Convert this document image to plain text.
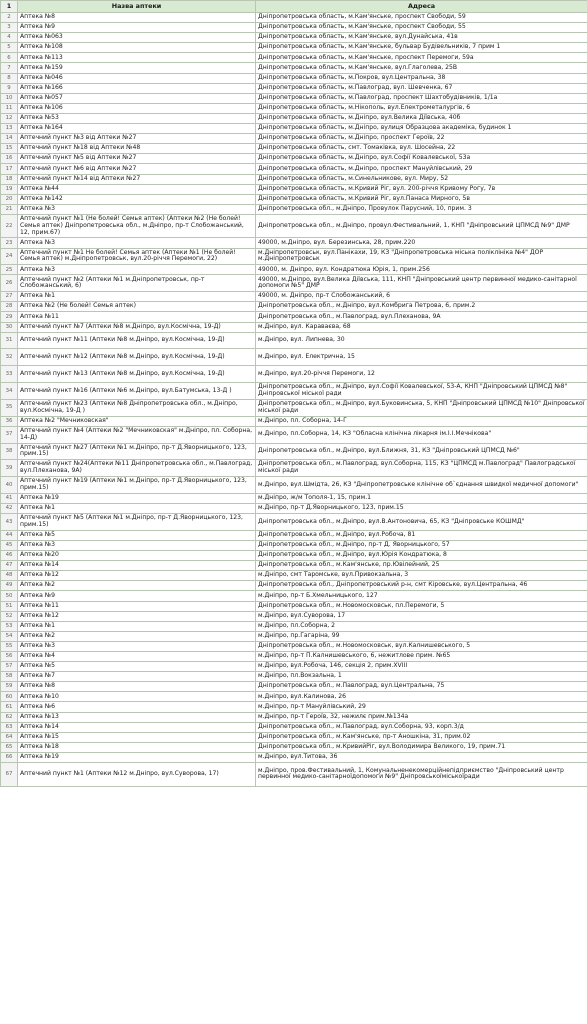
1	Назва аптеки	Адреса
2	Аптека №8	Дніпропетровська область, м.Кам'янське, проспект Свободи, 59
3	Аптека №9	Дніпропетровська область, м.Кам'янське, проспект Свободи, 55
4	Аптека №063	Дніпропетровська область, м.Кам'янське, вул.Дунайська, 41в
5	Аптека №108	Дніпропетровська область, м.Кам'янське, бульвар Будівельників, 7 прим 1
6	Аптека №113	Дніпропетровська область, м.Кам'янське, проспект Перемоги, 59а
7	Аптека №159	Дніпропетровська область, м.Кам'янське, вул.Глаголева, 25В
8	Аптека №046	Дніпропетровська область, м.Покров, вул.Центральна, 38
9	Аптека №166	Дніпропетровська область, м.Павлоград, вул. Шевченка, 67
10	Аптека №057	Дніпропетровська область, м.Павлоград, проспект Шахтобудівників, 1/1а
11	Аптека №106	Дніпропетровська область, м.Нікополь, вул.Електрометалургів, 6
12	Аптека №53	Дніпропетровська область, м.Дніпро, вул.Велика Діївська, 40б
13	Аптека №164	Дніпропетровська область, м.Дніпро, вулиця Образцова академіка, будинок 1
14	Аптечний пункт №3 від Аптеки №27	Дніпропетровська область, м.Дніпро, проспект Героїв, 22
15	Аптечний пункт №18 від Аптеки №48	Дніпропетровська область, смт. Томаківка, вул. Шосейна, 22
16	Аптечний пункт №5 від Аптеки №27	Дніпропетровська область, м.Дніпро, вул.Софії Ковалевської, 53а
17	Аптечний пункт №6 від Аптеки №27	Дніпропетровська область, м.Дніпро, проспект Мануйлівський, 29
18	Аптечний пункт №14 від Аптеки №27	Дніпропетровська область, м.Синельникове, вул. Миру, 52
19	Аптека №44	Дніпропетровська область, м.Кривий Ріг, вул. 200-річчя Кривому Рогу, 7в
20	Аптека №142	Дніпропетровська область, м.Кривий Ріг, вул.Панаса Мирного, 5в
21	Аптека №3	Дніпропетровська обл., м.Дніпро, Провулок Парусний, 10, прим. 3
22	Аптечний пункт №1 (Не болей! Семья аптек) (Аптеки №2 (Не болей! Семья аптек) Дніпропетровська обл., м.Дніпро, пр-т Слобожанський, 12, прим.67)	Дніпропетровська обл., м.Дніпро, провул.Фестивальний, 1, КНП "Дніпровський ЦПМСД №9" ДМР
23	Аптека №3	49000, м.Дніпро, вул. Березинська, 28, прим.220
24	Аптечний пункт №1 Не болей! Семья аптек (Аптеки №1 (Не болей! Семья аптек) м.Дніпропетровськ, вул.20-річчя Перемоги, 22)	м.Дніпропетровськ, вул.Панікахи, 19, КЗ "Дніпропетровська міська поліклініка №4" ДОР м.Дніпропетровськ
25	Аптека №3	49000, м. Дніпро, вул. Кондратюка Юрія, 1, прим.256
26	Аптечний пункт №2 (Аптеки №1 м.Дніпропетровськ, пр-т Слобожанський, 6)	49000, м.Дніпро, вул.Велика Діївська, 111, КНП "Дніпровський центр первинної медико-санітарної допомоги №5" ДМР
27	Аптека №1	49000, м. Дніпро, пр-т Слобожанський, 6
28	Аптека №2 (Не болей! Семья аптек)	Дніпропетровська обл., м.Дніпро, вул.Комбрига Петрова, 6, прим.2
29	Аптека №11	Дніпропетровська обл., м.Павлоград, вул.Плеханова, 9А
30	Аптечний пункт №7 (Аптеки №8 м.Дніпро, вул.Космічна, 19-Д)	м.Дніпро, вул. Караваєва, 68
31	Аптечний пункт №11 (Аптеки №8 м.Дніпро, вул.Космічна, 19-Д)	м.Дніпро, вул. Липнева, 30
32	Аптечний пункт №12 (Аптеки №8 м.Дніпро, вул.Космічна, 19-Д)	м.Дніпро, вул. Електрична, 15
33	Аптечний пункт №13 (Аптеки №8 м.Дніпро, вул.Космічна, 19-Д)	м.Дніпро, вул.20-річчя Перемоги, 12
34	Аптечний пункт №16 (Аптеки №6 м.Дніпро, вул.Батумська, 13-Д )	Дніпропетровська обл., м.Дніпро, вул.Софії Ковалевської, 53-А, КНП "Дніпровський ЦПМСД №8" Дніпровської міської ради
35	Аптечний пункт №23 (Аптеки №8 Дніпропетровська обл., м.Дніпро, вул.Космічна, 19-Д )	Дніпропетровська обл., м.Дніпро, вул.Буковинська, 5, КНП "Дніпровський ЦПМСД №10" Дніпровської міської ради
36	Аптека №2 "Мечниковская"	м.Дніпро, пл. Соборна, 14-Г
37	Аптечний пункт №4 (Аптеки №2 "Мечниковская" м.Дніпро, пл. Соборна, 14-Д)	м.Дніпро, пл.Соборна, 14, КЗ "Обласна клінічна лікарня ім.І.І.Мечнікова"
38	Аптечний пункт №27 (Аптеки №1 м.Дніпро, пр-т Д.Яворницького, 123, прим.15)	Дніпропетровська обл., м.Дніпро, вул.Ближня, 31, КЗ "Дніпровський ЦПМСД №6"
39	Аптечний пункт №24(Аптеки №11 Дніпропетровська обл., м.Павлоград, вул.Плеханова, 9А)	Дніпропетровська обл., м.Павлоград, вул.Соборна, 115, КЗ "ЦПМСД м.Павлоград" Павлоградської міської ради
40	Аптечний пункт №19 (Аптеки №1 м.Дніпро, пр-т Д.Яворницького, 123, прим.15)	м.Дніпро, вул.Шмідта, 26, КЗ "Дніпропетровське клінічне об`єднання швидкої медичної допомоги"
41	Аптека №19	м.Дніпро, ж/м Тополя-1, 15, прим.1
42	Аптека №1	м.Дніпро, пр-т Д.Яворницького, 123, прим.15
43	Аптечний пункт №5 (Аптеки №1 м.Дніпро, пр-т Д.Яворницького, 123, прим.15)	Дніпропетровська обл., м.Дніпро, вул.В.Антоновича, 65, КЗ "Дніпровське КОШМД"
44	Аптека №5	Дніпропетровська обл., м.Дніпро, вул.Робоча, 81
45	Аптека №3	Дніпропетровська обл., м.Дніпро, пр-т Д. Яворницького, 57
46	Аптека №20	Дніпропетровська обл., м.Дніпро, вул.Юрія Кондратюка, 8
47	Аптека №14	Дніпропетровська обл., м.Кам'янське, пр.Ювілейний, 25
48	Аптека №12	м.Дніпро, смт Таромське, вул.Привокзальна, 3
49	Аптека №2	Дніпропетровська обл., Дніпропетровський р-н, смт Кіровське, вул.Центральна, 46
50	Аптека №9	м.Дніпро, пр-т Б.Хмельницького, 127
51	Аптека №11	Дніпропетровська обл., м.Новомосковськ, пл.Перемоги, 5
52	Аптека №12	м.Дніпро, вул.Суворова, 17
53	Аптека №1	м.Дніпро, пл.Соборна, 2
54	Аптека №2	м.Дніпро, пр.Гагаріна, 99
55	Аптека №3	Дніпропетровська обл., м.Новомосковськ, вул.Калнишевського, 5
56	Аптека №4	м.Дніпро, пр-т П.Калнишевського, 6, нежитлове прим. №65
57	Аптека №5	м.Дніпро, вул.Робоча, 146, секція 2, прим.XVIII
58	Аптека №7	м.Дніпро, пл.Вокзальна, 1
59	Аптека №8	Дніпропетровська обл., м.Павлоград, вул.Центральна, 75
60	Аптека №10	м.Дніпро, вул.Калинова, 26
61	Аптека №6	м.Дніпро, пр-т Мануйлівський, 29
62	Аптека №13	м.Дніпро, пр-т Героїв, 32, нежилє прим.№134а
63	Аптека №14	Дніпропетровська обл., м.Павлоград, вул.Соборна, 93, корп.3/д
64	Аптека №15	Дніпропетровська обл., м.Кам'янське, пр-т Аношкіна, 31, прим.02
65	Аптека №18	Дніпропетровська обл., м.КривийРіг, вул.Володимира Великого, 19, прим.71
66	Аптека №19	м.Дніпро, вул.Титова, 36
67	Аптечний пункт №1 (Аптеки №12 м.Дніпро, вул.Суворова, 17)	м.Дніпро, пров.Фестивальний, 1, Комунальненекомерційнепідприємство "Дніпровський центр первинної медико-санітарноїдопомоги №9" Дніпровськоїміськоїради
